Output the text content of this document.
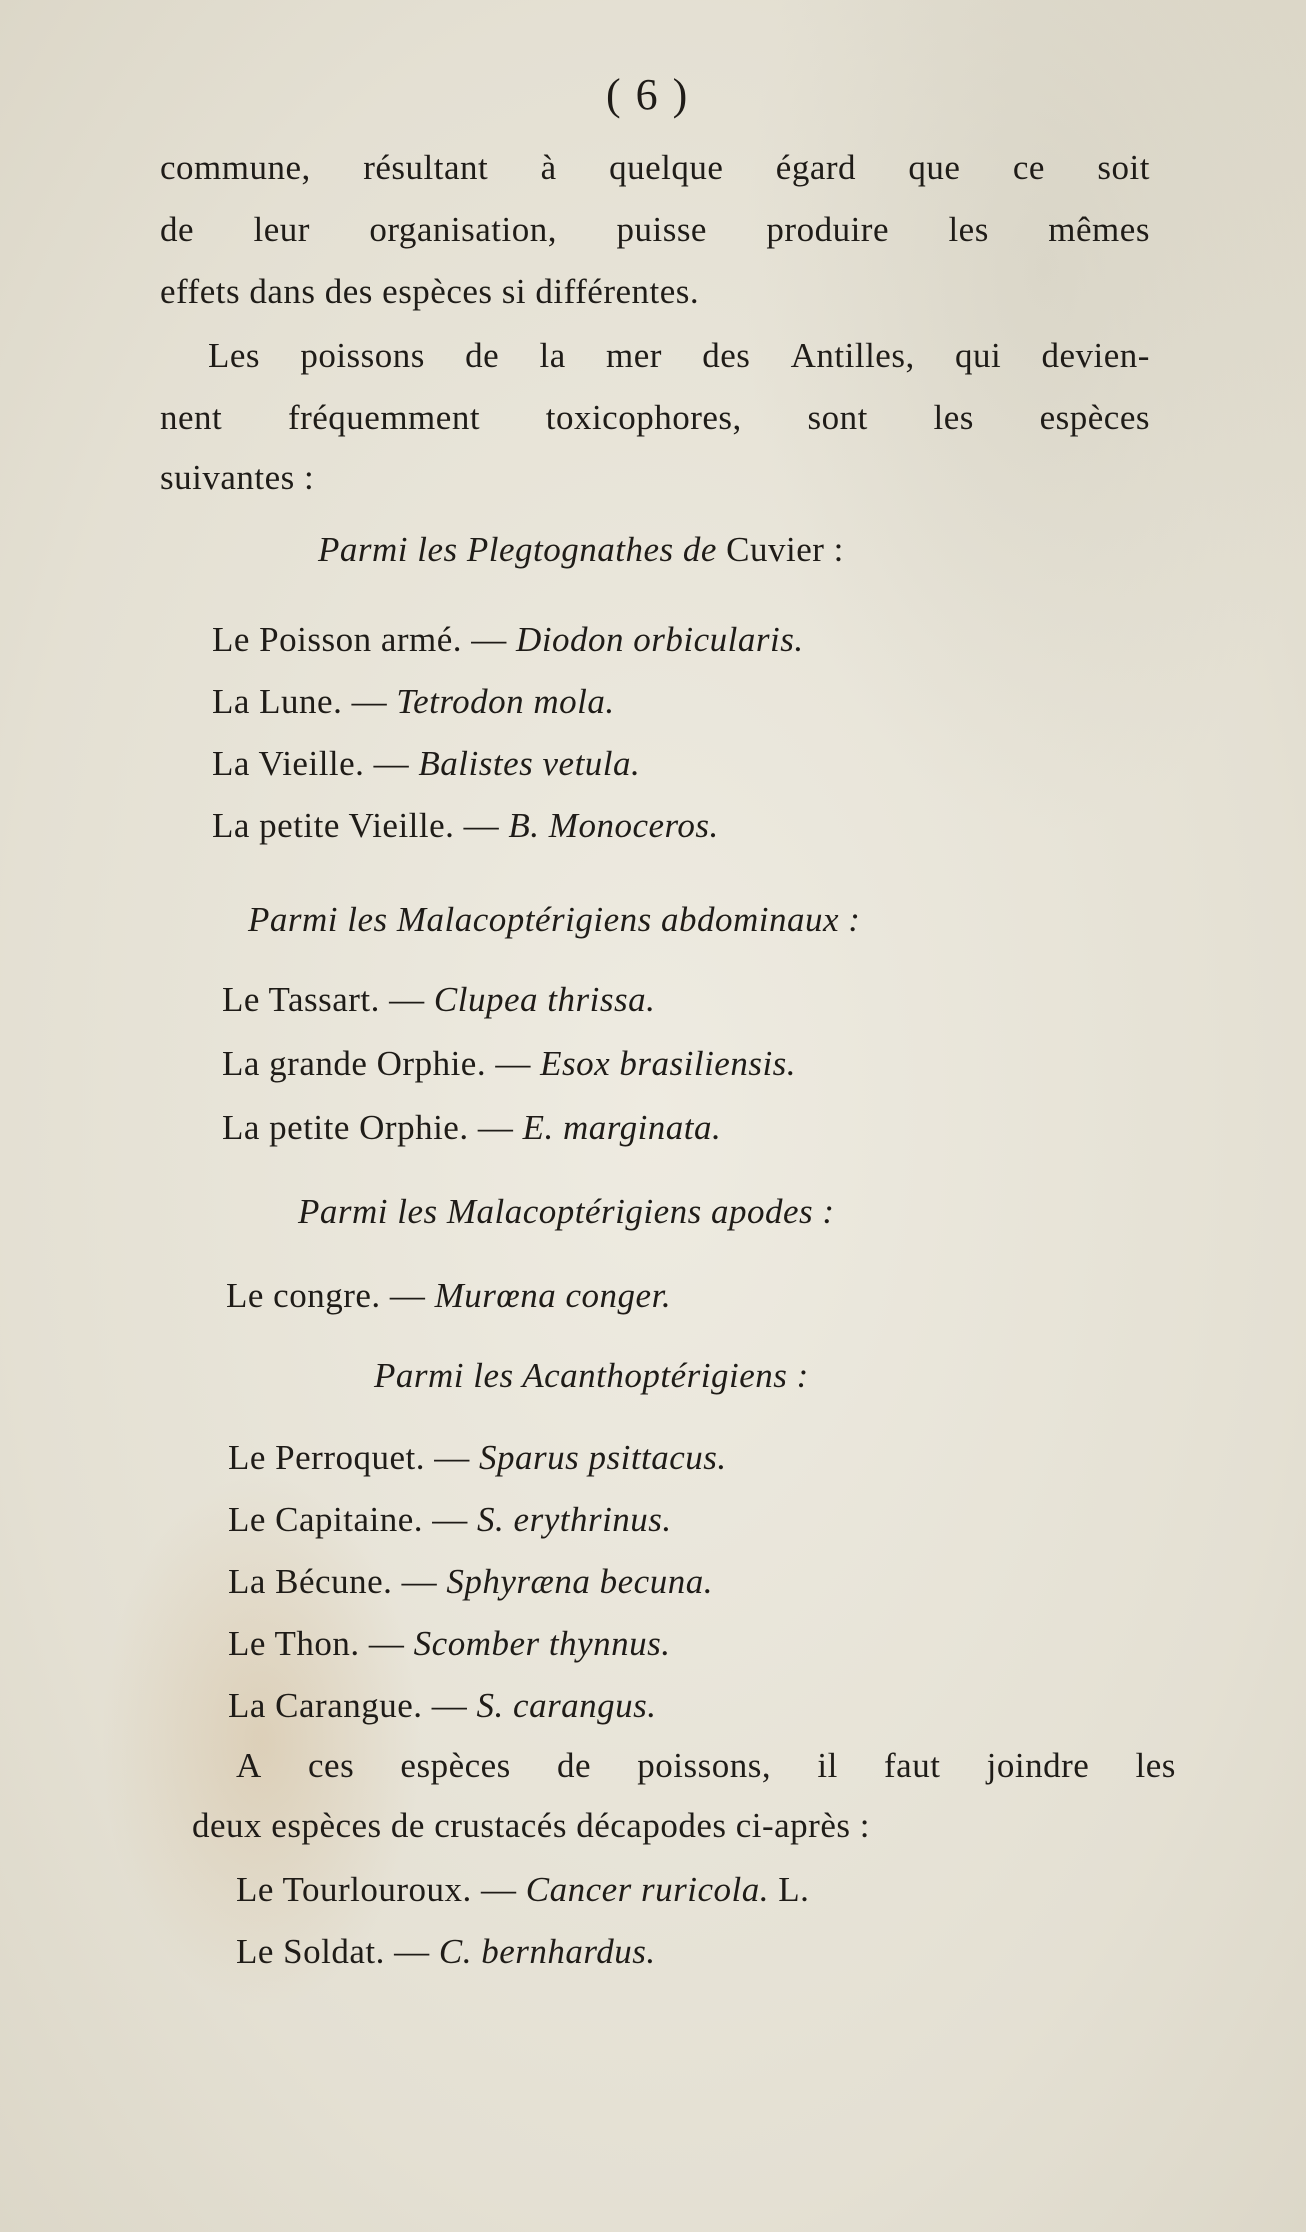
( 6 )
commune, résultant à quelque égard que ce soit
de leur organisation, puisse produire les mêmes
effets dans des espèces si différentes.
Les poissons de la mer des Antilles, qui devien-
nent fréquemment toxicophores, sont les espèces
suivantes :
Parmi les Plegtognathes de Cuvier :
Le Poisson armé. — Diodon orbicularis.
La Lune. — Tetrodon mola.
La Vieille. — Balistes vetula.
La petite Vieille. — B. Monoceros.
Parmi les Malacoptérigiens abdominaux :
Le Tassart. — Clupea thrissa.
La grande Orphie. — Esox brasiliensis.
La petite Orphie. — E. marginata.
Parmi les Malacoptérigiens apodes :
Le congre. — Murœna conger.
Parmi les Acanthoptérigiens :
Le Perroquet. — Sparus psittacus.
Le Capitaine. — S. erythrinus.
La Bécune. — Sphyræna becuna.
Le Thon. — Scomber thynnus.
La Carangue. — S. carangus.
A ces espèces de poissons, il faut joindre les
deux espèces de crustacés décapodes ci-après :
Le Tourlouroux. — Cancer ruricola. L.
Le Soldat. — C. bernhardus.
